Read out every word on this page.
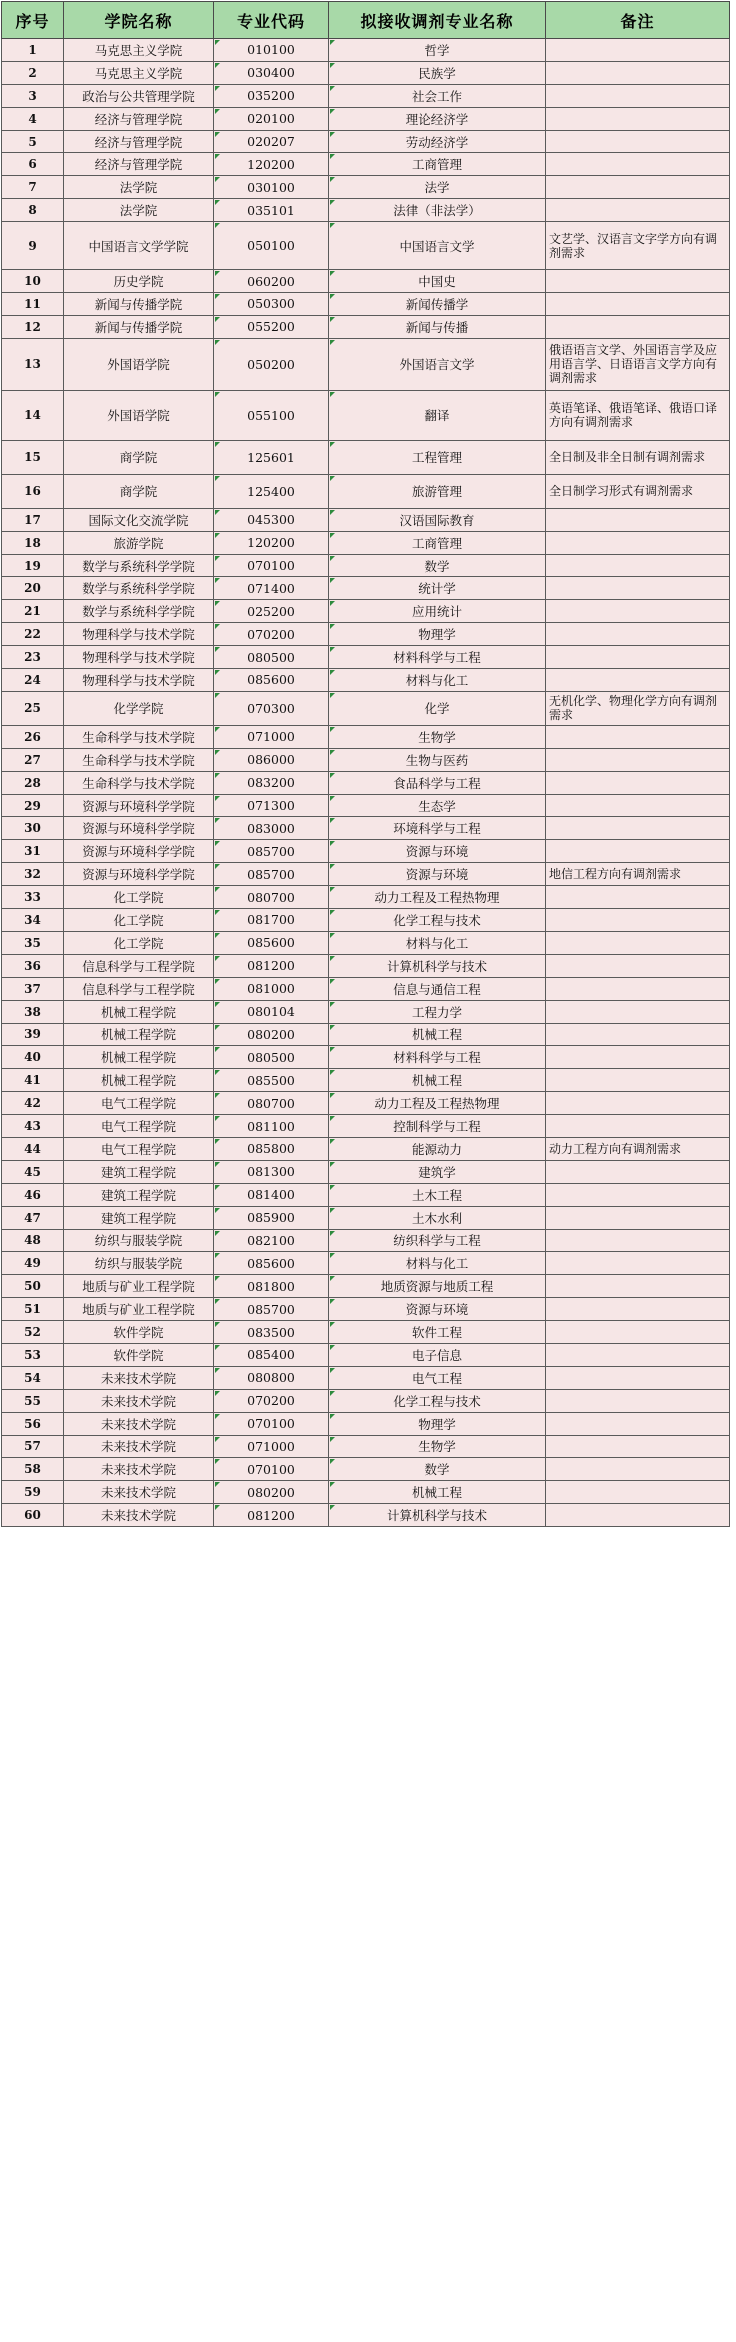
序号	学院名称	专业代码	拟接收调剂专业名称	备注
1	马克思主义学院	010100	哲学	
2	马克思主义学院	030400	民族学	
3	政治与公共管理学院	035200	社会工作	
4	经济与管理学院	020100	理论经济学	
5	经济与管理学院	020207	劳动经济学	
6	经济与管理学院	120200	工商管理	
7	法学院	030100	法学	
8	法学院	035101	法律（非法学）	
9	中国语言文学学院	050100	中国语言文学	文艺学、汉语言文字学方向有调剂需求
10	历史学院	060200	中国史	
11	新闻与传播学院	050300	新闻传播学	
12	新闻与传播学院	055200	新闻与传播	
13	外国语学院	050200	外国语言文学	俄语语言文学、外国语言学及应用语言学、日语语言文学方向有调剂需求
14	外国语学院	055100	翻译	英语笔译、俄语笔译、俄语口译方向有调剂需求
15	商学院	125601	工程管理	全日制及非全日制有调剂需求
16	商学院	125400	旅游管理	全日制学习形式有调剂需求
17	国际文化交流学院	045300	汉语国际教育	
18	旅游学院	120200	工商管理	
19	数学与系统科学学院	070100	数学	
20	数学与系统科学学院	071400	统计学	
21	数学与系统科学学院	025200	应用统计	
22	物理科学与技术学院	070200	物理学	
23	物理科学与技术学院	080500	材料科学与工程	
24	物理科学与技术学院	085600	材料与化工	
25	化学学院	070300	化学	无机化学、物理化学方向有调剂需求
26	生命科学与技术学院	071000	生物学	
27	生命科学与技术学院	086000	生物与医药	
28	生命科学与技术学院	083200	食品科学与工程	
29	资源与环境科学学院	071300	生态学	
30	资源与环境科学学院	083000	环境科学与工程	
31	资源与环境科学学院	085700	资源与环境	
32	资源与环境科学学院	085700	资源与环境	地信工程方向有调剂需求
33	化工学院	080700	动力工程及工程热物理	
34	化工学院	081700	化学工程与技术	
35	化工学院	085600	材料与化工	
36	信息科学与工程学院	081200	计算机科学与技术	
37	信息科学与工程学院	081000	信息与通信工程	
38	机械工程学院	080104	工程力学	
39	机械工程学院	080200	机械工程	
40	机械工程学院	080500	材料科学与工程	
41	机械工程学院	085500	机械工程	
42	电气工程学院	080700	动力工程及工程热物理	
43	电气工程学院	081100	控制科学与工程	
44	电气工程学院	085800	能源动力	动力工程方向有调剂需求
45	建筑工程学院	081300	建筑学	
46	建筑工程学院	081400	土木工程	
47	建筑工程学院	085900	土木水利	
48	纺织与服装学院	082100	纺织科学与工程	
49	纺织与服装学院	085600	材料与化工	
50	地质与矿业工程学院	081800	地质资源与地质工程	
51	地质与矿业工程学院	085700	资源与环境	
52	软件学院	083500	软件工程	
53	软件学院	085400	电子信息	
54	未来技术学院	080800	电气工程	
55	未来技术学院	070200	化学工程与技术	
56	未来技术学院	070100	物理学	
57	未来技术学院	071000	生物学	
58	未来技术学院	070100	数学	
59	未来技术学院	080200	机械工程	
60	未来技术学院	081200	计算机科学与技术	
